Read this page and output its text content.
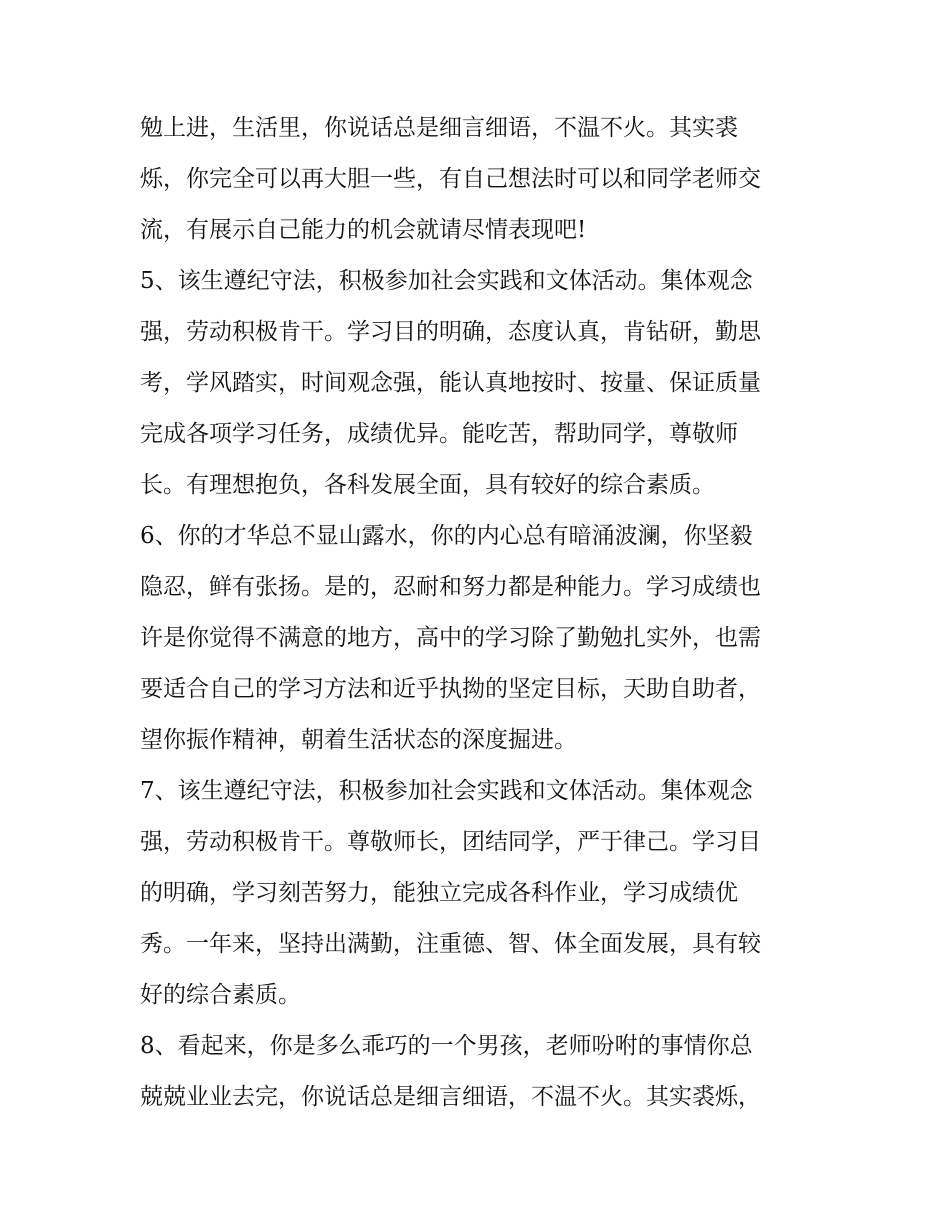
勉上进，生活里，你说话总是细言细语，不温不火。其实裘
烁，你完全可以再大胆一些，有自己想法时可以和同学老师交
流，有展示自己能力的机会就请尽情表现吧!
5、该生遵纪守法，积极参加社会实践和文体活动。集体观念
强，劳动积极肯干。学习目的明确，态度认真，肯钻研，勤思
考，学风踏实，时间观念强，能认真地按时、按量、保证质量
完成各项学习任务，成绩优异。能吃苦，帮助同学，尊敬师
长。有理想抱负，各科发展全面，具有较好的综合素质。
6、你的才华总不显山露水，你的内心总有暗涌波澜，你坚毅
隐忍，鲜有张扬。是的，忍耐和努力都是种能力。学习成绩也
许是你觉得不满意的地方，高中的学习除了勤勉扎实外，也需
要适合自己的学习方法和近乎执拗的坚定目标，天助自助者，
望你振作精神，朝着生活状态的深度掘进。
7、该生遵纪守法，积极参加社会实践和文体活动。集体观念
强，劳动积极肯干。尊敬师长，团结同学，严于律己。学习目
的明确，学习刻苦努力，能独立完成各科作业，学习成绩优
秀。一年来，坚持出满勤，注重德、智、体全面发展，具有较
好的综合素质。
8、看起来，你是多么乖巧的一个男孩，老师吩咐的事情你总
兢兢业业去完，你说话总是细言细语，不温不火。其实裘烁，
